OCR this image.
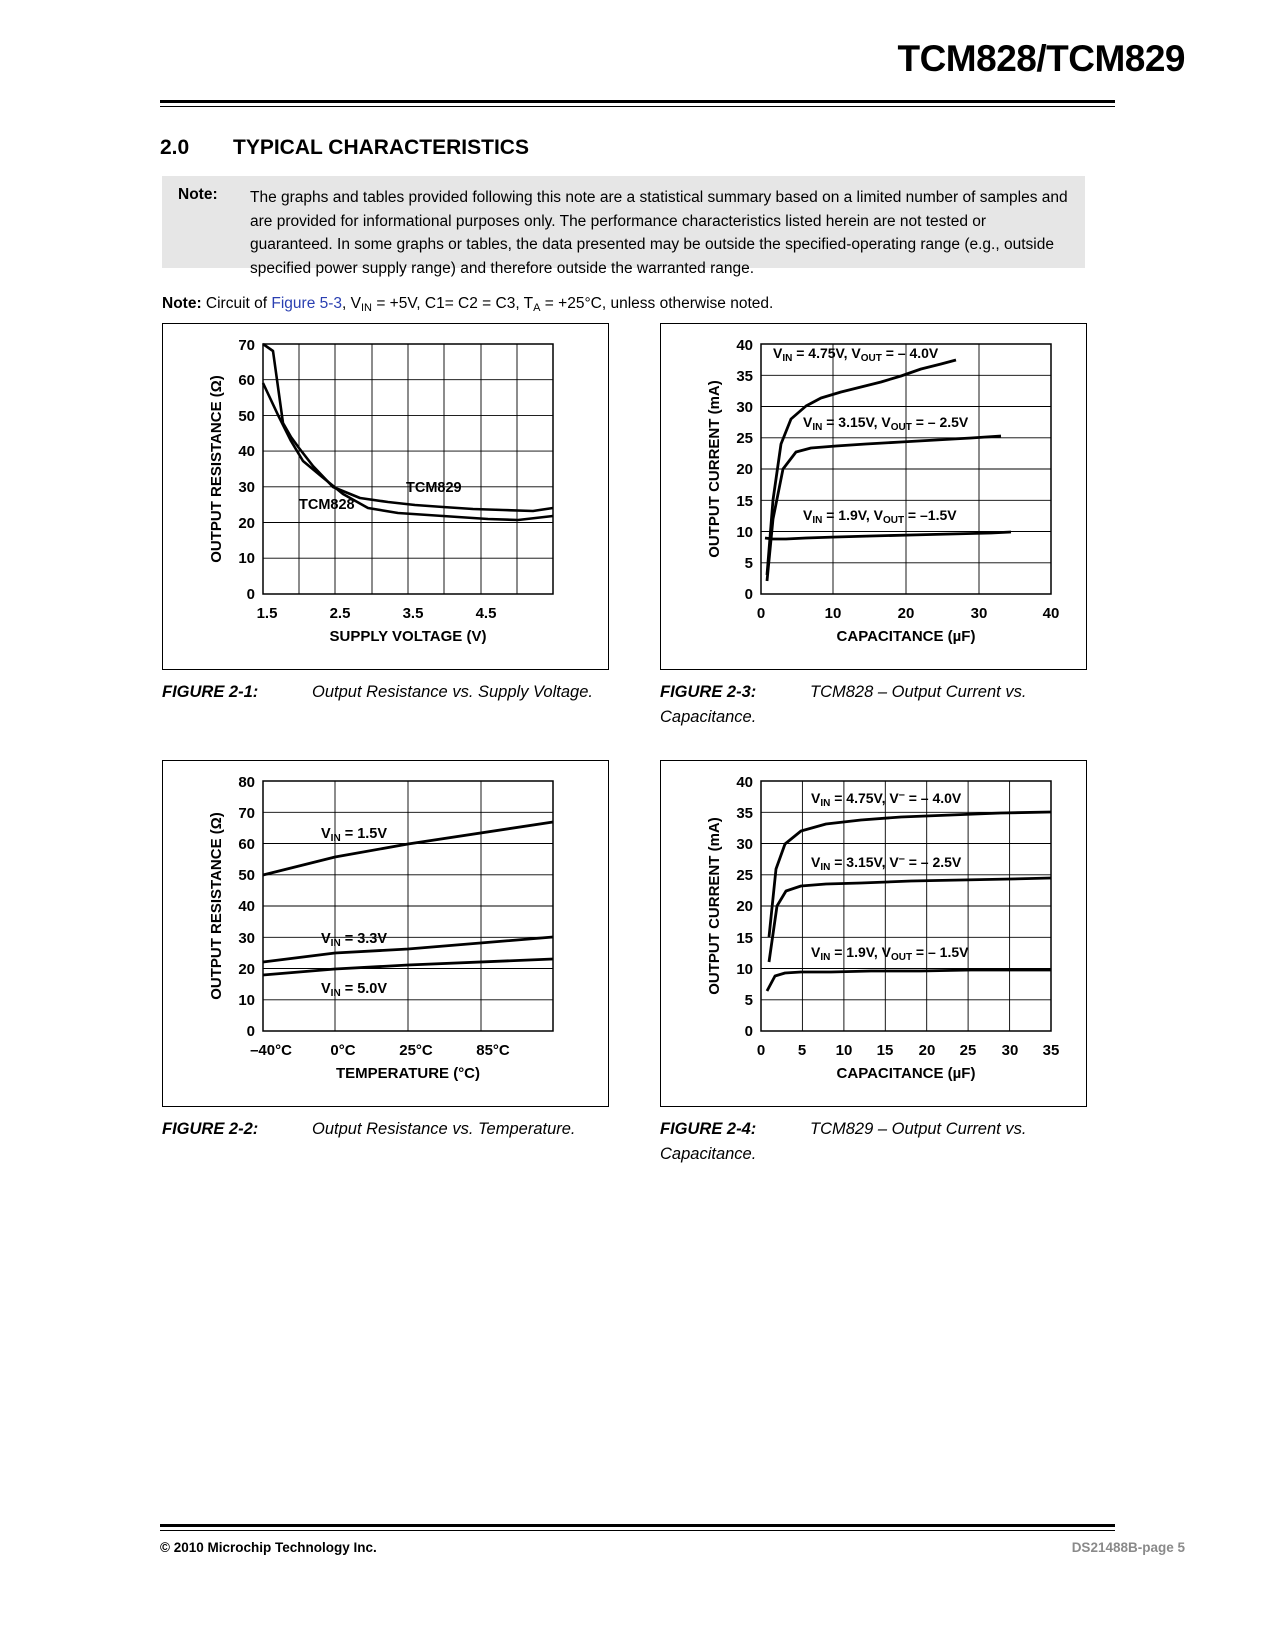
TCM828/TCM829
2.0 TYPICAL CHARACTERISTICS
Note: The graphs and tables provided following this note are a statistical summary based on a limited number of samples and are provided for informational purposes only. The performance characteristics listed herein are not tested or guaranteed. In some graphs or tables, the data presented may be outside the specified-operating range (e.g., outside specified power supply range) and therefore outside the warranted range.
Note: Circuit of Figure 5-3, $V_{IN} = +5V$, C1= C2 = C3, $T_A = +25^\circ C$, unless otherwise noted.
TCM828
TCM829
70
60
50
40
30
20
10
0
1.5	2.5	3.5	4.5
SUPPLY VOLTAGE (V)
OUTPUT RESISTANCE (Ω)
$V_{IN} = 4.75V$, $V_{OUT}$ = – 4.0V
$V_{IN} = 3.15V$, $V_{OUT}$ = – 2.5V
$V_{IN} = 1.9V$, $V_{OUT} = -1.5V$
40
35
30
25
20
15
10
5
0
0	10	20	30	40
CAPACITANCE (µF)
OUTPUT CURRENT (mA)
$V_{IN} = 1.5V$
$V_{IN} = 3.3V$
$V_{IN} = 5.0V$
80
70
60
50
40
30
20
10
0
–40°C	0°C	25°C	85°C
TEMPERATURE (°C)
OUTPUT RESISTANCE (Ω)
$V_{IN} = 4.75V$, V– = – 4.0V
$V_{IN} = 3.15V$, V– = – 2.5V
$V_{IN} = 1.9V$, $V_{OUT}$ = – 1.5V
40
35
30
25
20
15
10
5
0
0 5 10 15 20 25 30 35
CAPACITANCE (µF)
OUTPUT CURRENT (mA)
FIGURE 2-1:	Output Resistance vs. Supply Voltage.	FIGURE 2-3:	TCM828 – Output Current vs. Capacitance.
FIGURE 2-2:	Output Resistance vs. Temperature.	FIGURE 2-4:	TCM829 – Output Current vs. Capacitance.
© 2010 Microchip Technology Inc.	DS21488B-page 5
